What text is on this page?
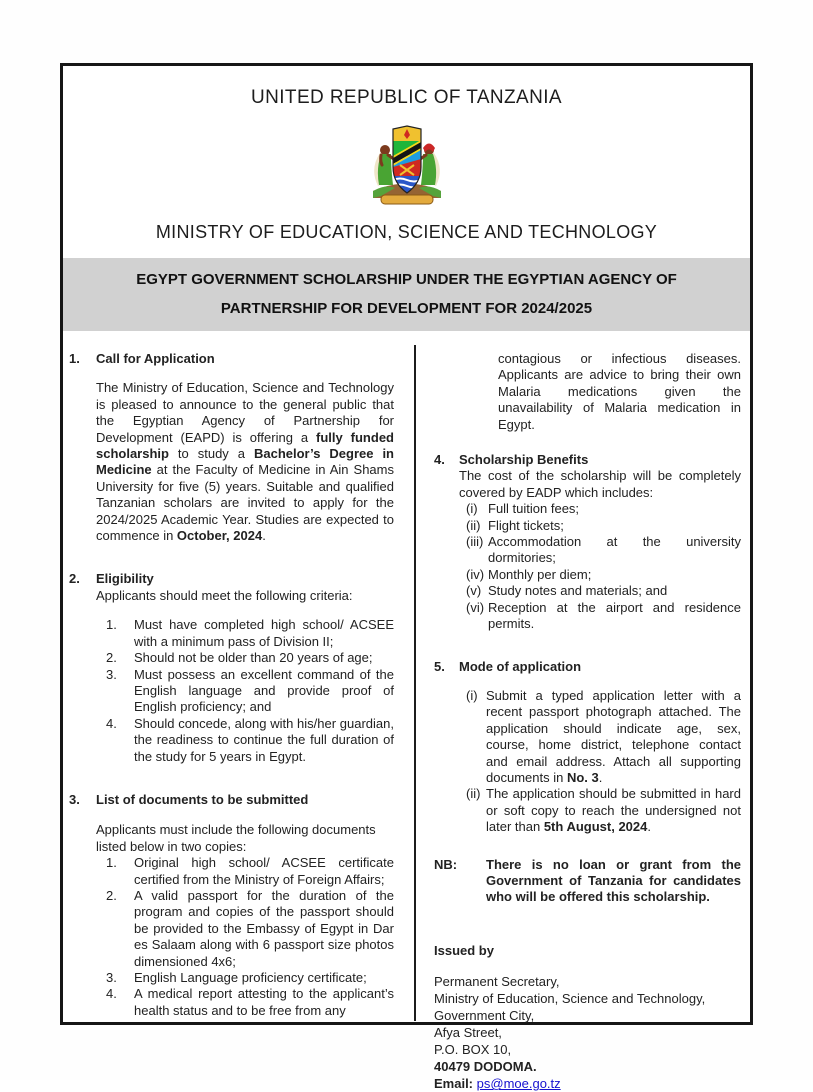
UNITED REPUBLIC OF TANZANIA
MINISTRY OF EDUCATION, SCIENCE AND TECHNOLOGY
EGYPT GOVERNMENT SCHOLARSHIP UNDER THE EGYPTIAN AGENCY OF PARTNERSHIP FOR DEVELOPMENT FOR 2024/2025
1.	Call for Application

The Ministry of Education, Science and Technology is pleased to announce to the general public that the Egyptian Agency of Partnership for Development (EAPD) is offering a fully funded scholarship to study a Bachelor’s Degree in Medicine at the Faculty of Medicine in Ain Shams University for five (5) years. Suitable and qualified Tanzanian scholars are invited to apply for the 2024/2025 Academic Year. Studies are expected to commence in October, 2024.

2.	Eligibility

Applicants should meet the following criteria:

1.	Must have completed high school/ ACSEE with a minimum pass of Division II;
2.	Should not be older than 20 years of age;
3.	Must possess an excellent command of the English language and provide proof of English proficiency; and
4.	Should concede, along with his/her guardian, the readiness to continue the full duration of the study for 5 years in Egypt.
3.	List of documents to be submitted

Applicants must include the following documents listed below in two copies:

1.	Original high school/ ACSEE certificate certified from the Ministry of Foreign Affairs;
2.	A valid passport for the duration of the program and copies of the passport should be provided to the Embassy of Egypt in Dar es Salaam along with 6 passport size photos dimensioned 4x6;
3.	English Language proficiency certificate;
4.	A medical report attesting to the applicant’s health status and to be free from any

contagious or infectious diseases. Applicants are advice to bring their own Malaria medications given the unavailability of Malaria medication in Egypt.

4.	Scholarship Benefits

The cost of the scholarship will be completely covered by EADP which includes:

(i) Full tuition fees;
(ii) Flight tickets;
(iii) Accommodation at the university dormitories;
(iv) Monthly per diem;
(v) Study notes and materials; and
(vi) Reception at the airport and residence permits.
5.	Mode of application
(i) Submit a typed application letter with a recent passport photograph attached. The application should indicate age, sex, course, home district, telephone contact and email address. Attach all supporting documents in No. 3.
(ii) The application should be submitted in hard or soft copy to reach the undersigned not later than 5th August, 2024.
NB:	There is no loan or grant from the Government of Tanzania for candidates who will be offered this scholarship.
Issued by
Permanent Secretary,
Ministry of Education, Science and Technology,
Government City,
Afya Street,
P.O. BOX 10,
40479 DODOMA.
Email: ps@moe.go.tz
